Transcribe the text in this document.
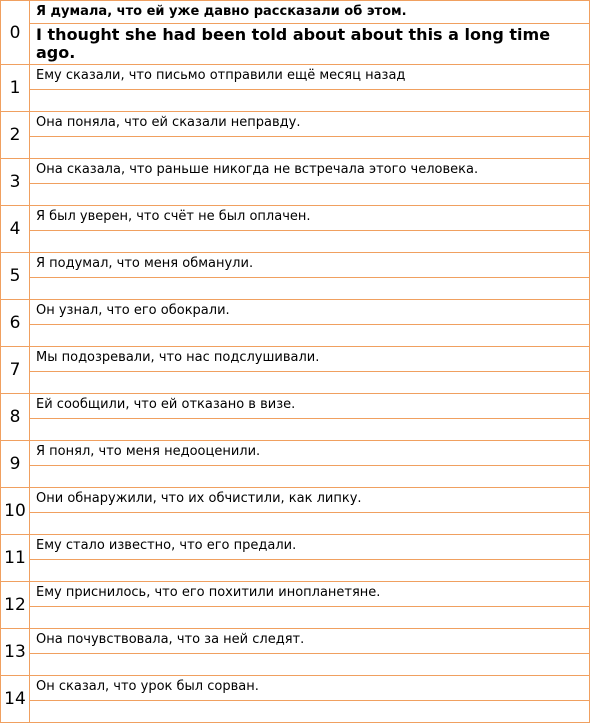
0	Я думала, что ей уже давно рассказали об этом.
	I thought she had been told about about this a long time ago.
1	Ему сказали, что письмо отправили ещё месяц назад

2	Она поняла, что ей сказали неправду.

3	Она сказала, что раньше никогда не встречала этого человека.

4	Я был уверен, что счёт не был оплачен.

5	Я подумал, что меня обманули.

6	Он узнал, что его обокрали.

7	Мы подозревали, что нас подслушивали.

8	Ей сообщили, что ей отказано в визе.

9	Я понял, что меня недооценили.

10	Они обнаружили, что их обчистили, как липку.

11	Ему стало известно, что его предали.

12	Ему приснилось, что его похитили инопланетяне.

13	Она почувствовала, что за ней следят.

14	Он сказал, что урок был сорван.
